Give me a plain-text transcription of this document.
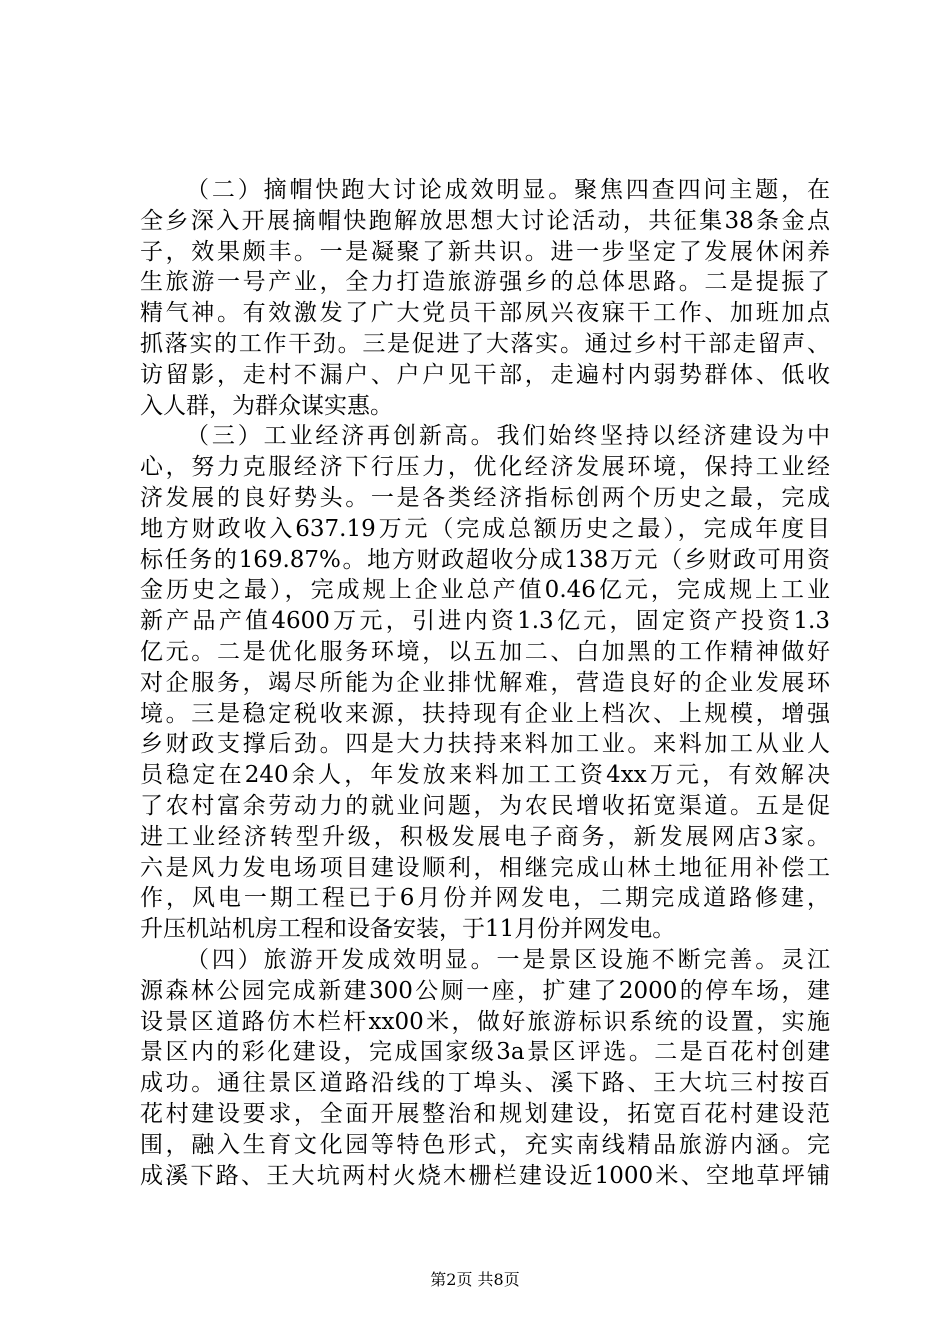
（二）摘帽快跑大讨论成效明显。聚焦四查四问主题，在
全乡深入开展摘帽快跑解放思想大讨论活动，共征集38条金点
子，效果颇丰。一是凝聚了新共识。进一步坚定了发展休闲养
生旅游一号产业，全力打造旅游强乡的总体思路。二是提振了
精气神。有效激发了广大党员干部夙兴夜寐干工作、加班加点
抓落实的工作干劲。三是促进了大落实。通过乡村干部走留声、
访留影，走村不漏户、户户见干部，走遍村内弱势群体、低收
入人群，为群众谋实惠。
（三）工业经济再创新高。我们始终坚持以经济建设为中
心，努力克服经济下行压力，优化经济发展环境，保持工业经
济发展的良好势头。一是各类经济指标创两个历史之最，完成
地方财政收入637.19万元（完成总额历史之最），完成年度目
标任务的169.87%。地方财政超收分成138万元（乡财政可用资
金历史之最），完成规上企业总产值0.46亿元，完成规上工业
新产品产值4600万元，引进内资1.3亿元，固定资产投资1.3
亿元。二是优化服务环境，以五加二、白加黑的工作精神做好
对企服务，竭尽所能为企业排忧解难，营造良好的企业发展环
境。三是稳定税收来源，扶持现有企业上档次、上规模，增强
乡财政支撑后劲。四是大力扶持来料加工业。来料加工从业人
员稳定在240余人，年发放来料加工工资4xx万元，有效解决
了农村富余劳动力的就业问题，为农民增收拓宽渠道。五是促
进工业经济转型升级，积极发展电子商务，新发展网店3家。
六是风力发电场项目建设顺利，相继完成山林土地征用补偿工
作，风电一期工程已于6月份并网发电，二期完成道路修建，
升压机站机房工程和设备安装，于11月份并网发电。
（四）旅游开发成效明显。一是景区设施不断完善。灵江
源森林公园完成新建300公厕一座，扩建了2000的停车场，建
设景区道路仿木栏杆xx00米，做好旅游标识系统的设置，实施
景区内的彩化建设，完成国家级3a景区评选。二是百花村创建
成功。通往景区道路沿线的丁埠头、溪下路、王大坑三村按百
花村建设要求，全面开展整治和规划建设，拓宽百花村建设范
围，融入生育文化园等特色形式，充实南线精品旅游内涵。完
成溪下路、王大坑两村火烧木栅栏建设近1000米、空地草坪铺
第2页 共8页
